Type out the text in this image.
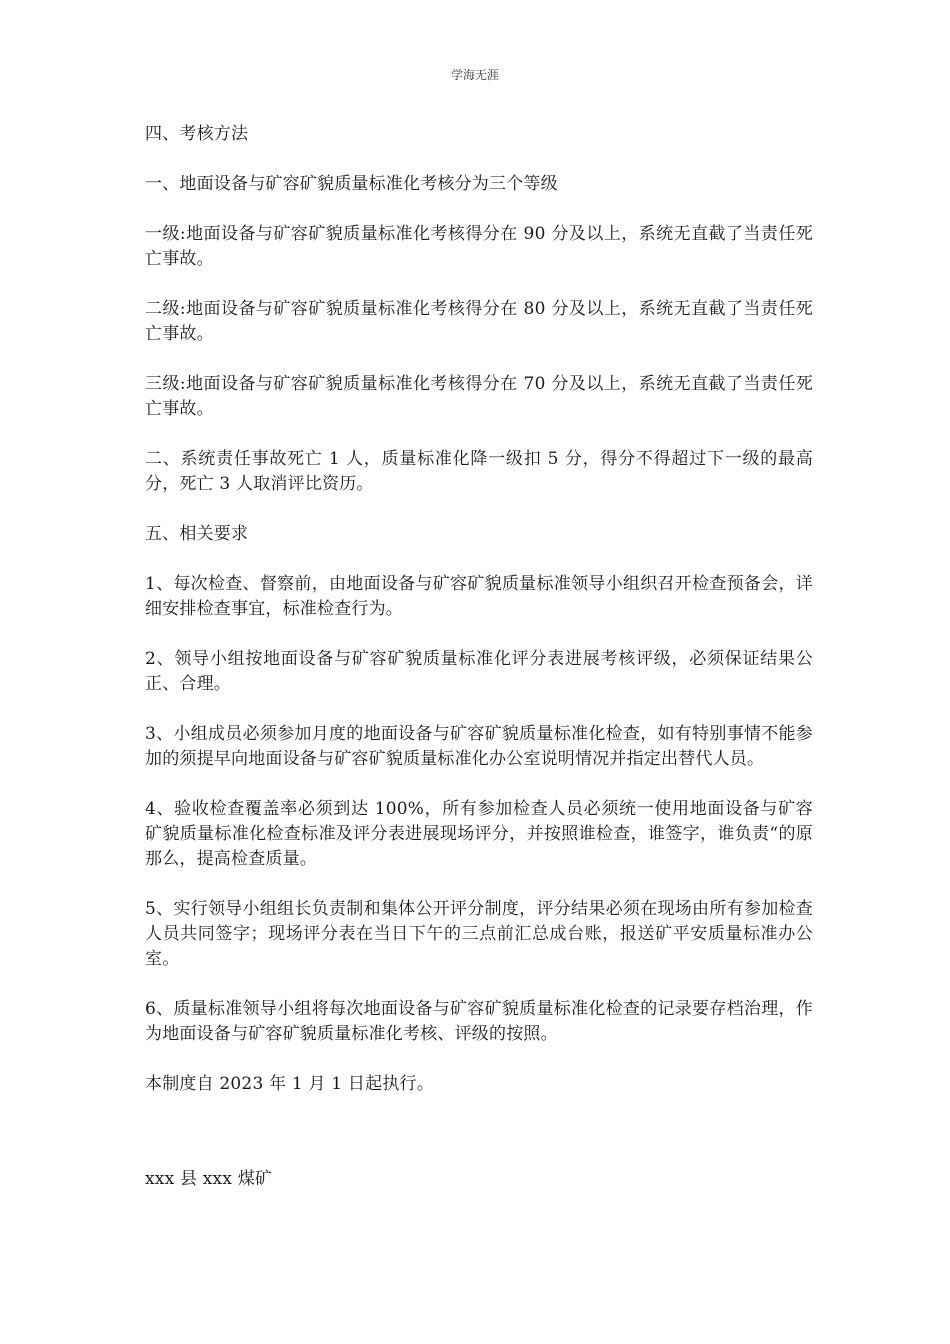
学海无涯

四、考核方法

一、地面设备与矿容矿貌质量标准化考核分为三个等级

一级:地面设备与矿容矿貌质量标准化考核得分在 90 分及以上，系统无直截了当责任死亡事故。

二级:地面设备与矿容矿貌质量标准化考核得分在 80 分及以上，系统无直截了当责任死亡事故。

三级:地面设备与矿容矿貌质量标准化考核得分在 70 分及以上，系统无直截了当责任死亡事故。

二、系统责任事故死亡 1 人，质量标准化降一级扣 5 分，得分不得超过下一级的最高分，死亡 3 人取消评比资历。

五、相关要求

1、每次检查、督察前，由地面设备与矿容矿貌质量标准领导小组织召开检查预备会，详细安排检查事宜，标准检查行为。

2、领导小组按地面设备与矿容矿貌质量标准化评分表进展考核评级，必须保证结果公正、合理。

3、小组成员必须参加月度的地面设备与矿容矿貌质量标准化检查，如有特别事情不能参加的须提早向地面设备与矿容矿貌质量标准化办公室说明情况并指定出替代人员。

4、验收检查覆盖率必须到达 100%，所有参加检查人员必须统一使用地面设备与矿容矿貌质量标准化检查标准及评分表进展现场评分，并按照谁检查，谁签字，谁负责“的原那么，提高检查质量。

5、实行领导小组组长负责制和集体公开评分制度，评分结果必须在现场由所有参加检查人员共同签字；现场评分表在当日下午的三点前汇总成台账，报送矿平安质量标准办公室。

6、质量标准领导小组将每次地面设备与矿容矿貌质量标准化检查的记录要存档治理，作为地面设备与矿容矿貌质量标准化考核、评级的按照。

本制度自 2023 年 1 月 1 日起执行。

xxx 县 xxx 煤矿
